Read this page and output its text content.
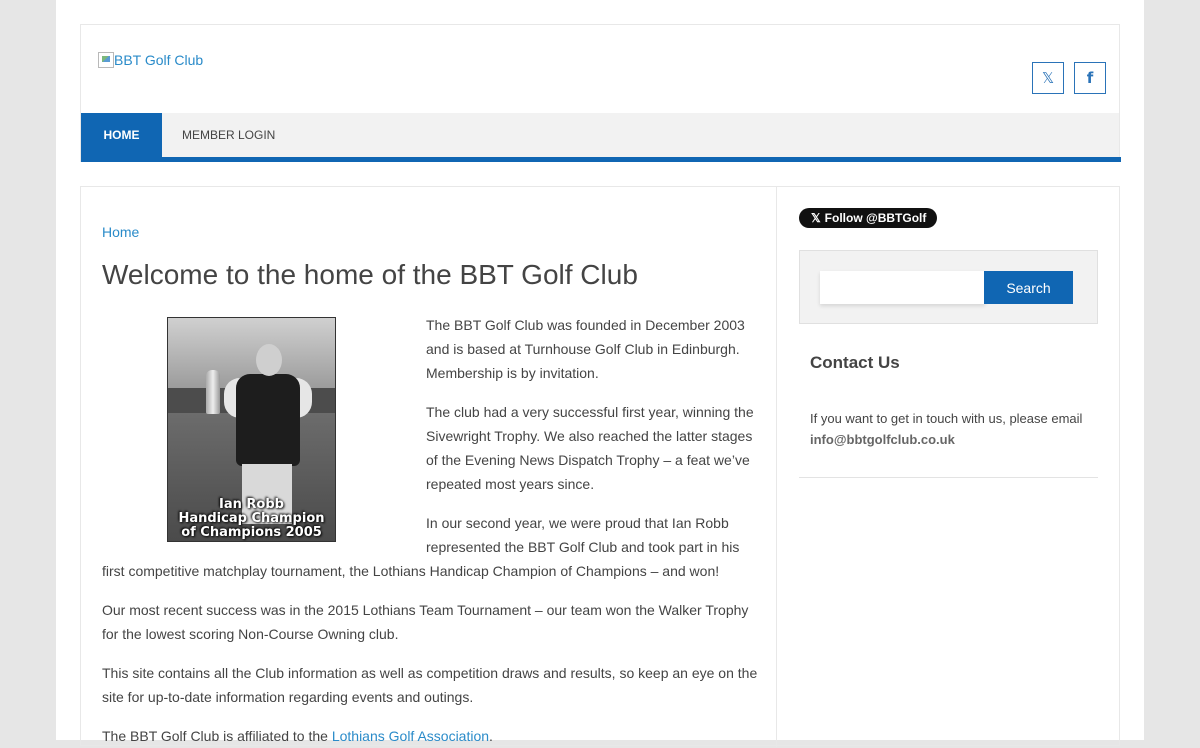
BBT Golf Club
𝕏 f
HOME	MEMBER LOGIN
Home
Welcome to the home of the BBT Golf Club
Ian Robb
Handicap Champion
of Champions 2005

The BBT Golf Club was founded in December 2003 and is based at Turnhouse Golf Club in Edinburgh. Membership is by invitation.

The club had a very successful first year, winning the Sivewright Trophy. We also reached the latter stages of the Evening News Dispatch Trophy – a feat we’ve repeated most years since.

In our second year, we were proud that Ian Robb represented the BBT Golf Club and took part in his

first competitive matchplay tournament, the Lothians Handicap Champion of Champions – and won!

Our most recent success was in the 2015 Lothians Team Tournament – our team won the Walker Trophy for the lowest scoring Non-Course Owning club.

This site contains all the Club information as well as competition draws and results, so keep an eye on the site for up-to-date information regarding events and outings.

The BBT Golf Club is affiliated to the Lothians Golf Association.

𝕏 Follow @BBTGolf
Search
Contact Us

If you want to get in touch with us, please email
info@bbtgolfclub.co.uk
